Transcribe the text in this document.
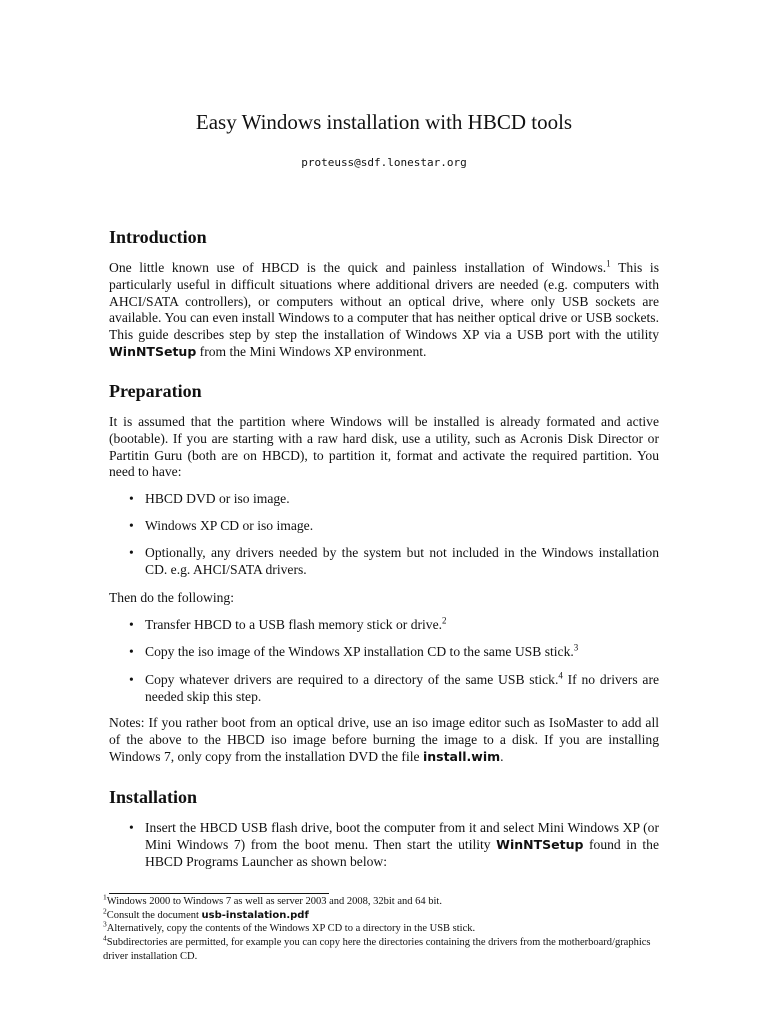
Easy Windows installation with HBCD tools
proteuss@sdf.lonestar.org
Introduction

One little known use of HBCD is the quick and painless installation of Windows.$^1$ This is particularly useful in difficult situations where additional drivers are needed (e.g. computers with AHCI/SATA controllers), or computers without an optical drive, where only USB sockets are available. You can even install Windows to a computer that has neither optical drive or USB sockets. This guide describes step by step the installation of Windows XP via a USB port with the utility WinNTSetup from the Mini Windows XP environment.

Preparation

It is assumed that the partition where Windows will be installed is already formated and active (bootable). If you are starting with a raw hard disk, use a utility, such as Acronis Disk Director or Partitin Guru (both are on HBCD), to partition it, format and activate the required partition. You need to have:

• HBCD DVD or iso image.
• Windows XP CD or iso image.
• Optionally, any drivers needed by the system but not included in the Windows installation CD. e.g. AHCI/SATA drivers.

Then do the following:

• Transfer HBCD to a USB flash memory stick or drive.$^2$
• Copy the iso image of the Windows XP installation CD to the same USB stick.$^3$
• Copy whatever drivers are required to a directory of the same USB stick.$^4$ If no drivers are needed skip this step.

Notes: If you rather boot from an optical drive, use an iso image editor such as IsoMaster to add all of the above to the HBCD iso image before burning the image to a disk. If you are installing Windows 7, only copy from the installation DVD the file install.wim.

Installation
• Insert the HBCD USB flash drive, boot the computer from it and select Mini Windows XP (or Mini Windows 7) from the boot menu. Then start the utility WinNTSetup found in the HBCD Programs Launcher as shown below:
$^1$Windows 2000 to Windows 7 as well as server 2003 and 2008, 32bit and 64 bit.
$^2$Consult the document usb-instalation.pdf
$^3$Alternatively, copy the contents of the Windows XP CD to a directory in the USB stick.
$^4$Subdirectories are permitted, for example you can copy here the directories containing the drivers from the motherboard/graphics driver installation CD.
